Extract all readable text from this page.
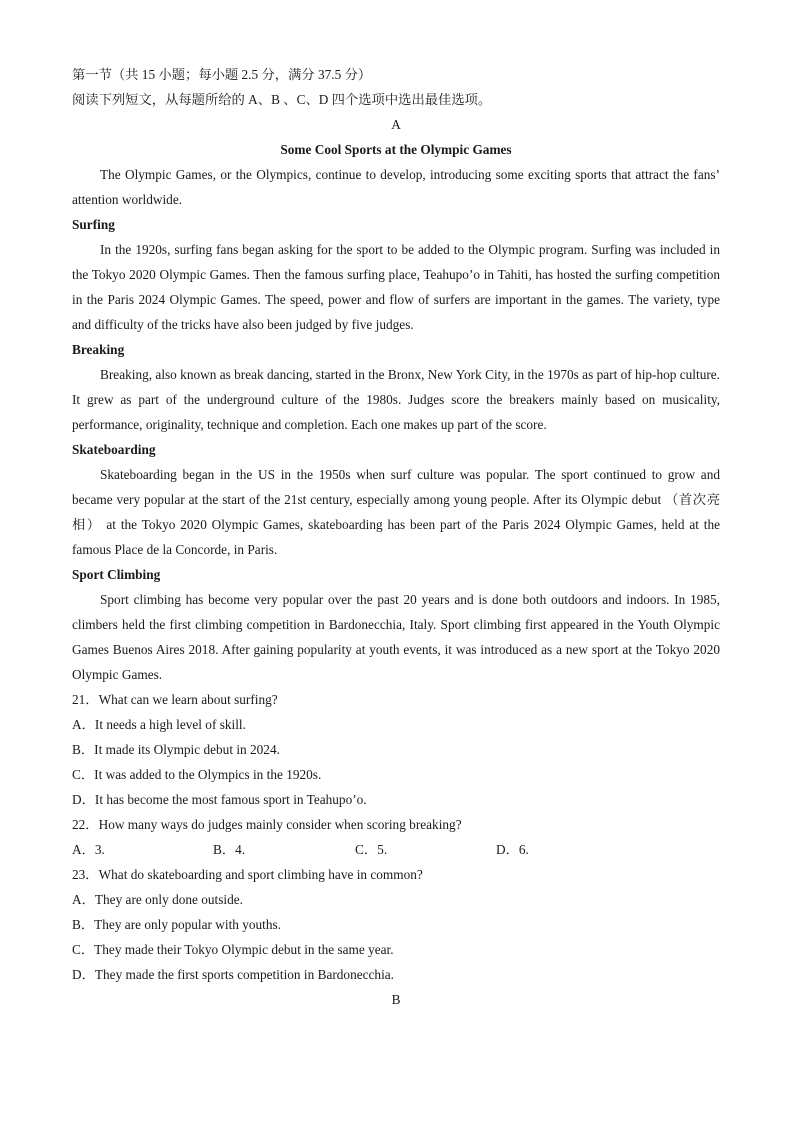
第一节（共 15 小题；每小题 2.5 分，满分 37.5 分）
阅读下列短文，从每题所给的 A、B 、C、D 四个选项中选出最佳选项。
A
Some Cool Sports at the Olympic Games

The Olympic Games, or the Olympics, continue to develop, introducing some exciting sports that attract the fans’ attention worldwide.

Surfing

In the 1920s, surfing fans began asking for the sport to be added to the Olympic program. Surfing was included in the Tokyo 2020 Olympic Games. Then the famous surfing place, Teahupo’o in Tahiti, has hosted the surfing competition in the Paris 2024 Olympic Games. The speed, power and flow of surfers are important in the games. The variety, type and difficulty of the tricks have also been judged by five judges.

Breaking

Breaking, also known as break dancing, started in the Bronx, New York City, in the 1970s as part of hip-hop culture. It grew as part of the underground culture of the 1980s. Judges score the breakers mainly based on musicality, performance, originality, technique and completion. Each one makes up part of the score.

Skateboarding

Skateboarding began in the US in the 1950s when surf culture was popular. The sport continued to grow and became very popular at the start of the 21st century, especially among young people. After its Olympic debut （首次亮相） at the Tokyo 2020 Olympic Games, skateboarding has been part of the Paris 2024 Olympic Games, held at the famous Place de la Concorde, in Paris.

Sport Climbing

Sport climbing has become very popular over the past 20 years and is done both outdoors and indoors. In 1985, climbers held the first climbing competition in Bardonecchia, Italy. Sport climbing first appeared in the Youth Olympic Games Buenos Aires 2018. After gaining popularity at youth events, it was introduced as a new sport at the Tokyo 2020 Olympic Games.

21．What can we learn about surfing?
A．It needs a high level of skill.
B．It made its Olympic debut in 2024.
C．It was added to the Olympics in the 1920s.
D．It has become the most famous sport in Teahupo’o.
22．How many ways do judges mainly consider when scoring breaking?
A．3.	B．4.	C．5.	D．6.
23．What do skateboarding and sport climbing have in common?
A．They are only done outside.
B．They are only popular with youths.
C．They made their Tokyo Olympic debut in the same year.
D．They made the first sports competition in Bardonecchia.
B
